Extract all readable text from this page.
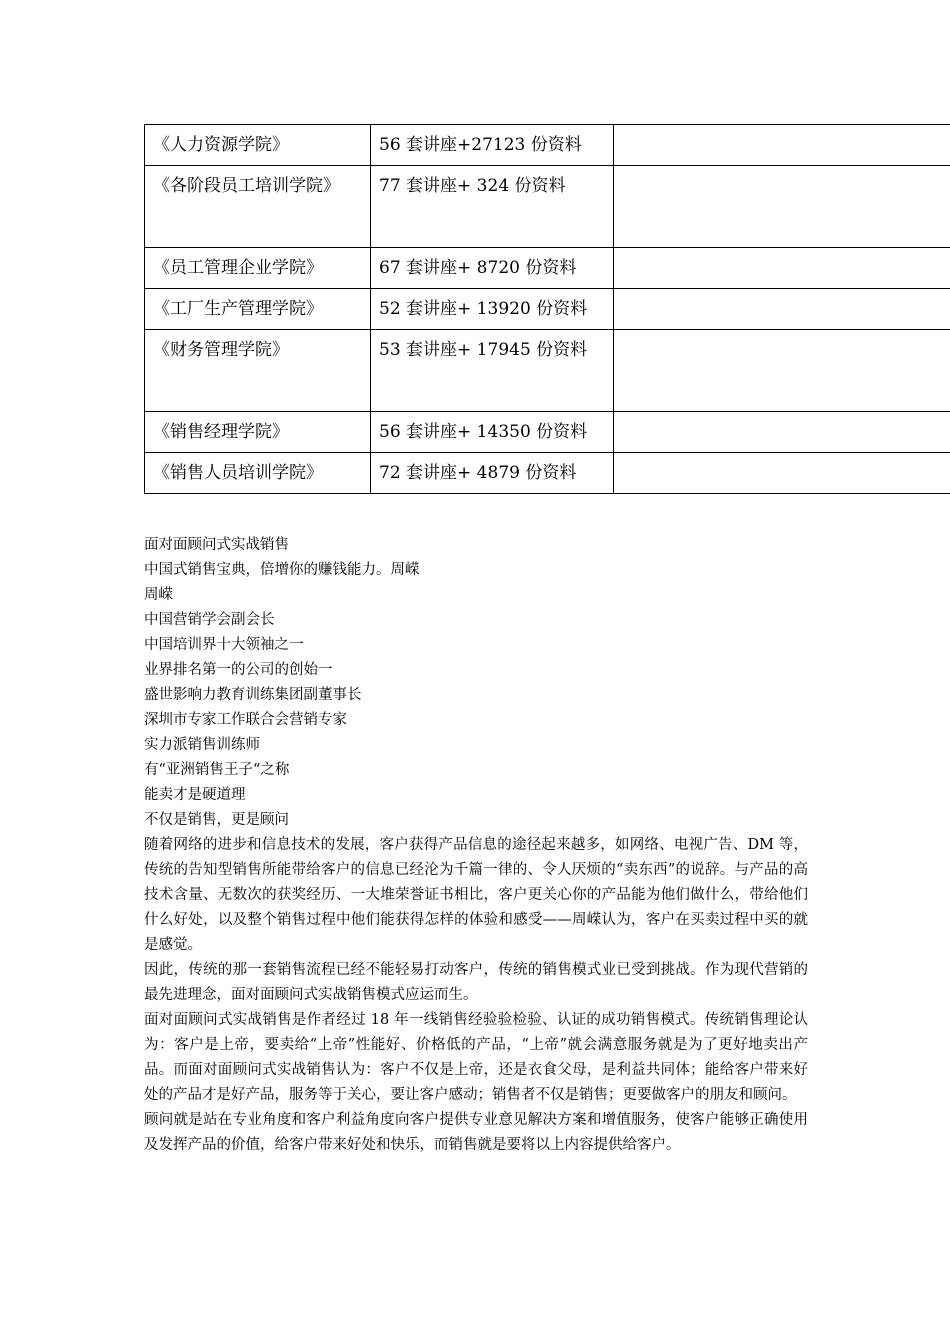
《人力资源学院》	56 套讲座+27123 份资料	
《各阶段员工培训学院》	77 套讲座+ 324 份资料	
《员工管理企业学院》	67 套讲座+ 8720 份资料	
《工厂生产管理学院》	52 套讲座+ 13920 份资料	
《财务管理学院》	53 套讲座+ 17945 份资料	
《销售经理学院》	56 套讲座+ 14350 份资料	
《销售人员培训学院》	72 套讲座+ 4879 份资料	
面对面顾问式实战销售
中国式销售宝典，倍增你的赚钱能力。周嵘
周嵘
中国营销学会副会长
中国培训界十大领袖之一
业界排名第一的公司的创始一
盛世影响力教育训练集团副董事长
深圳市专家工作联合会营销专家
实力派销售训练师
有“亚洲销售王子“之称
能卖才是硬道理
不仅是销售，更是顾问
随着网络的进步和信息技术的发展，客户获得产品信息的途径起来越多，如网络、电视广告、DM 等，传统的告知型销售所能带给客户的信息已经沦为千篇一律的、令人厌烦的“卖东西”的说辞。与产品的高技术含量、无数次的获奖经历、一大堆荣誉证书相比，客户更关心你的产品能为他们做什么，带给他们什么好处，以及整个销售过程中他们能获得怎样的体验和感受——周嵘认为，客户在买卖过程中买的就是感觉。
因此，传统的那一套销售流程已经不能轻易打动客户，传统的销售模式业已受到挑战。作为现代营销的最先进理念，面对面顾问式实战销售模式应运而生。
面对面顾问式实战销售是作者经过 18 年一线销售经验验检验、认证的成功销售模式。传统销售理论认为：客户是上帝，要卖给“上帝”性能好、价格低的产品，“上帝”就会满意服务就是为了更好地卖出产品。而面对面顾问式实战销售认为：客户不仅是上帝，还是衣食父母，是利益共同体；能给客户带来好处的产品才是好产品，服务等于关心，要让客户感动；销售者不仅是销售；更要做客户的朋友和顾问。
顾问就是站在专业角度和客户利益角度向客户提供专业意见解决方案和增值服务，使客户能够正确使用及发挥产品的价值，给客户带来好处和快乐，而销售就是要将以上内容提供给客户。
